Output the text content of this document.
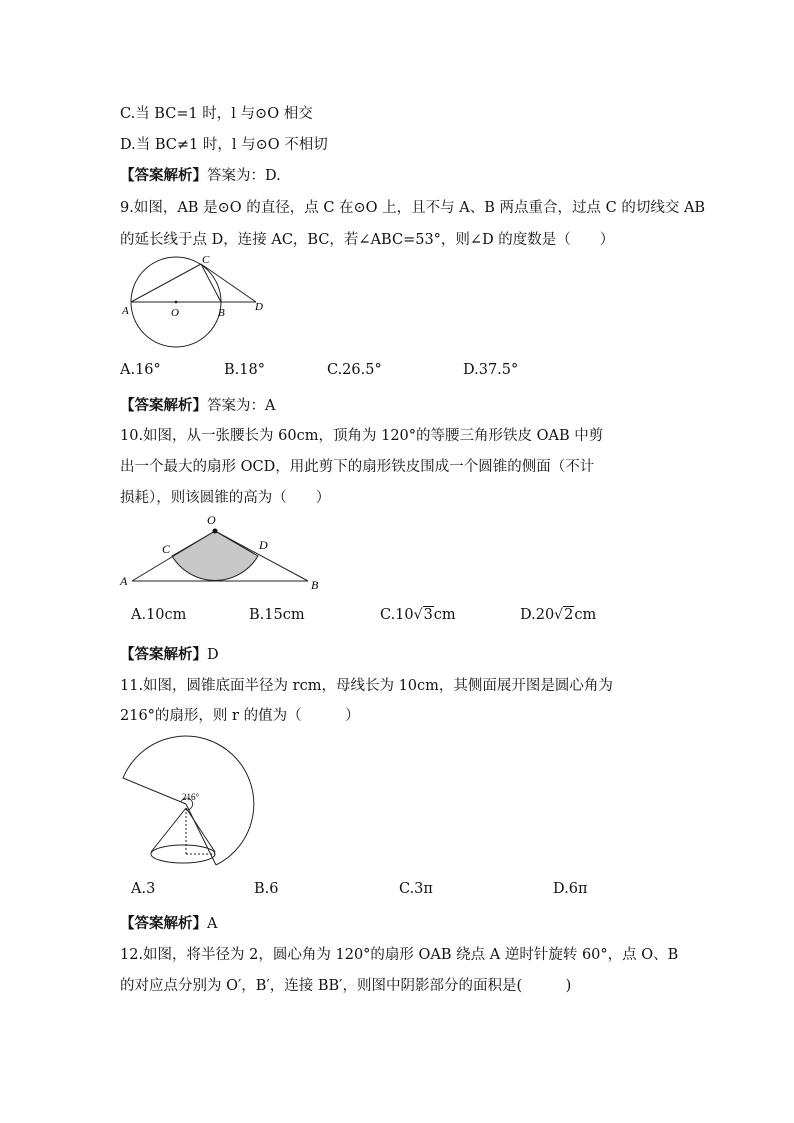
C.当 BC=1 时，l 与⊙O 相交
D.当 BC≠1 时，l 与⊙O 不相切
【答案解析】答案为：D.
9.如图，AB 是⊙O 的直径，点 C 在⊙O 上，且不与 A、B 两点重合，过点 C 的切线交 AB
的延长线于点 D，连接 AC，BC，若∠ABC=53°，则∠D 的度数是（　　）
A	O	B
C
D
A.16°	B.18°	C.26.5°	D.37.5°
【答案解析】答案为：A
10.如图，从一张腰长为 60cm，顶角为 120°的等腰三角形铁皮 OAB 中剪
出一个最大的扇形 OCD，用此剪下的扇形铁皮围成一个圆锥的侧面（不计
损耗），则该圆锥的高为（　　）
O
C	D
A	B
A.10cm	B.15cm	C.10√3cm	D.20√2cm
【答案解析】D
11.如图，圆锥底面半径为 rcm，母线长为 10cm，其侧面展开图是圆心角为
216°的扇形，则 r 的值为（　　　）
216°
A.3	B.6	C.3π	D.6π
【答案解析】A
12.如图，将半径为 2，圆心角为 120°的扇形 OAB 绕点 A 逆时针旋转 60°，点 O、B
的对应点分别为 O′，B′，连接 BB′，则图中阴影部分的面积是(　　　)
